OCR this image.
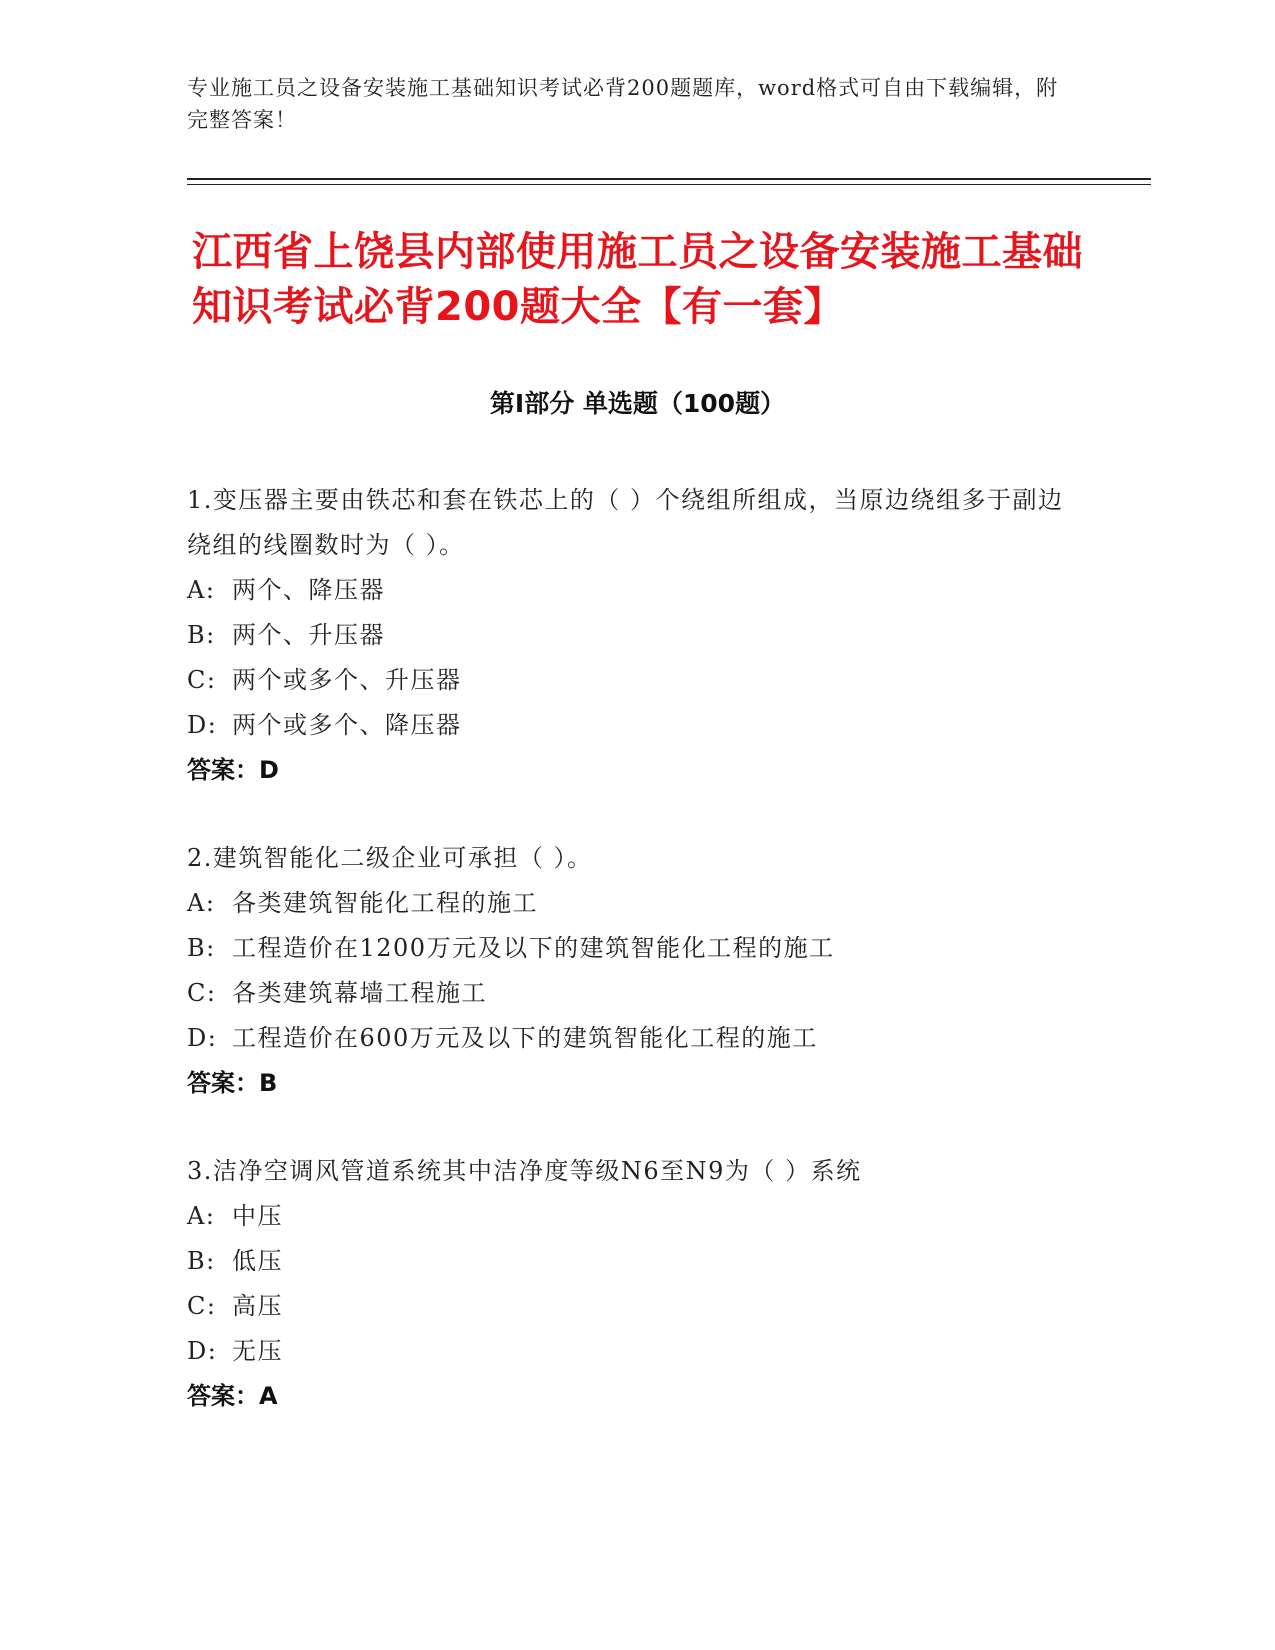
专业施工员之设备安装施工基础知识考试必背200题题库，word格式可自由下载编辑，附完整答案！
江西省上饶县内部使用施工员之设备安装施工基础知识考试必背200题大全【有一套】
第Ⅰ部分 单选题（100题）

1.变压器主要由铁芯和套在铁芯上的（ ）个绕组所组成，当原边绕组多于副边绕组的线圈数时为（ ）。

A: 两个、降压器

B: 两个、升压器

C: 两个或多个、升压器

D: 两个或多个、降压器

答案：D

2.建筑智能化二级企业可承担（ ）。

A: 各类建筑智能化工程的施工

B: 工程造价在1200万元及以下的建筑智能化工程的施工

C: 各类建筑幕墙工程施工

D: 工程造价在600万元及以下的建筑智能化工程的施工

答案：B

3.洁净空调风管道系统其中洁净度等级N6至N9为（ ）系统

A: 中压

B: 低压

C: 高压

D: 无压

答案：A
